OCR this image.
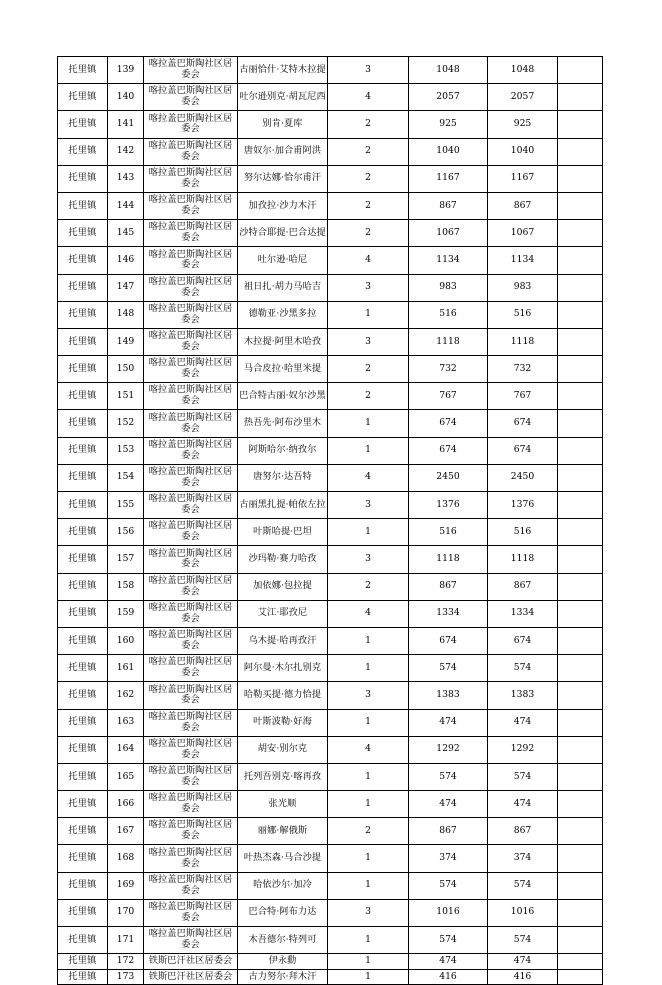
托里镇	139	喀拉盖巴斯陶社区居委会	古丽恰什·艾特木拉提	3	1048	1048	
托里镇	140	喀拉盖巴斯陶社区居委会	吐尔逊别克·胡瓦尼西	4	2057	2057	
托里镇	141	喀拉盖巴斯陶社区居委会	别肯·夏库	2	925	925	
托里镇	142	喀拉盖巴斯陶社区居委会	唐奴尔·加合甫阿洪	2	1040	1040	
托里镇	143	喀拉盖巴斯陶社区居委会	努尔达娜·恰尔甫汗	2	1167	1167	
托里镇	144	喀拉盖巴斯陶社区居委会	加孜拉·沙力木汗	2	867	867	
托里镇	145	喀拉盖巴斯陶社区居委会	沙特合耶提·巴合达提	2	1067	1067	
托里镇	146	喀拉盖巴斯陶社区居委会	吐尔逊·哈尼	4	1134	1134	
托里镇	147	喀拉盖巴斯陶社区居委会	祖日扎·胡力马哈吉	3	983	983	
托里镇	148	喀拉盖巴斯陶社区居委会	德勒亚·沙黑多拉	1	516	516	
托里镇	149	喀拉盖巴斯陶社区居委会	木拉提·阿里木哈孜	3	1118	1118	
托里镇	150	喀拉盖巴斯陶社区居委会	马合皮拉·哈里米提	2	732	732	
托里镇	151	喀拉盖巴斯陶社区居委会	巴合特古丽·奴尔沙黑	2	767	767	
托里镇	152	喀拉盖巴斯陶社区居委会	热吾先·阿布沙里木	1	674	674	
托里镇	153	喀拉盖巴斯陶社区居委会	阿斯哈尔·纳孜尔	1	674	674	
托里镇	154	喀拉盖巴斯陶社区居委会	唐努尔·达吾特	4	2450	2450	
托里镇	155	喀拉盖巴斯陶社区居委会	古丽黑扎提·帕依左拉	3	1376	1376	
托里镇	156	喀拉盖巴斯陶社区居委会	叶斯哈提·巴坦	1	516	516	
托里镇	157	喀拉盖巴斯陶社区居委会	沙玛勒·赛力哈孜	3	1118	1118	
托里镇	158	喀拉盖巴斯陶社区居委会	加依娜·包拉提	2	867	867	
托里镇	159	喀拉盖巴斯陶社区居委会	艾江·耶孜尼	4	1334	1334	
托里镇	160	喀拉盖巴斯陶社区居委会	乌木提·哈再孜汗	1	674	674	
托里镇	161	喀拉盖巴斯陶社区居委会	阿尔曼·木尔扎别克	1	574	574	
托里镇	162	喀拉盖巴斯陶社区居委会	哈勒买提·德力恰提	3	1383	1383	
托里镇	163	喀拉盖巴斯陶社区居委会	叶斯波勒·好海	1	474	474	
托里镇	164	喀拉盖巴斯陶社区居委会	胡安·别尔克	4	1292	1292	
托里镇	165	喀拉盖巴斯陶社区居委会	托列吾别克·喀再孜	1	574	574	
托里镇	166	喀拉盖巴斯陶社区居委会	张光顺	1	474	474	
托里镇	167	喀拉盖巴斯陶社区居委会	丽娜·解俄斯	2	867	867	
托里镇	168	喀拉盖巴斯陶社区居委会	叶热杰森·马合沙提	1	374	374	
托里镇	169	喀拉盖巴斯陶社区居委会	哈依沙尔·加冷	1	574	574	
托里镇	170	喀拉盖巴斯陶社区居委会	巴合特·阿布力达	3	1016	1016	
托里镇	171	喀拉盖巴斯陶社区居委会	木吾德尔·特列可	1	574	574	
托里镇	172	铁斯巴汗社区居委会	伊永勳	1	474	474	
托里镇	173	铁斯巴汗社区居委会	古力努尔·拜木汗	1	416	416	
